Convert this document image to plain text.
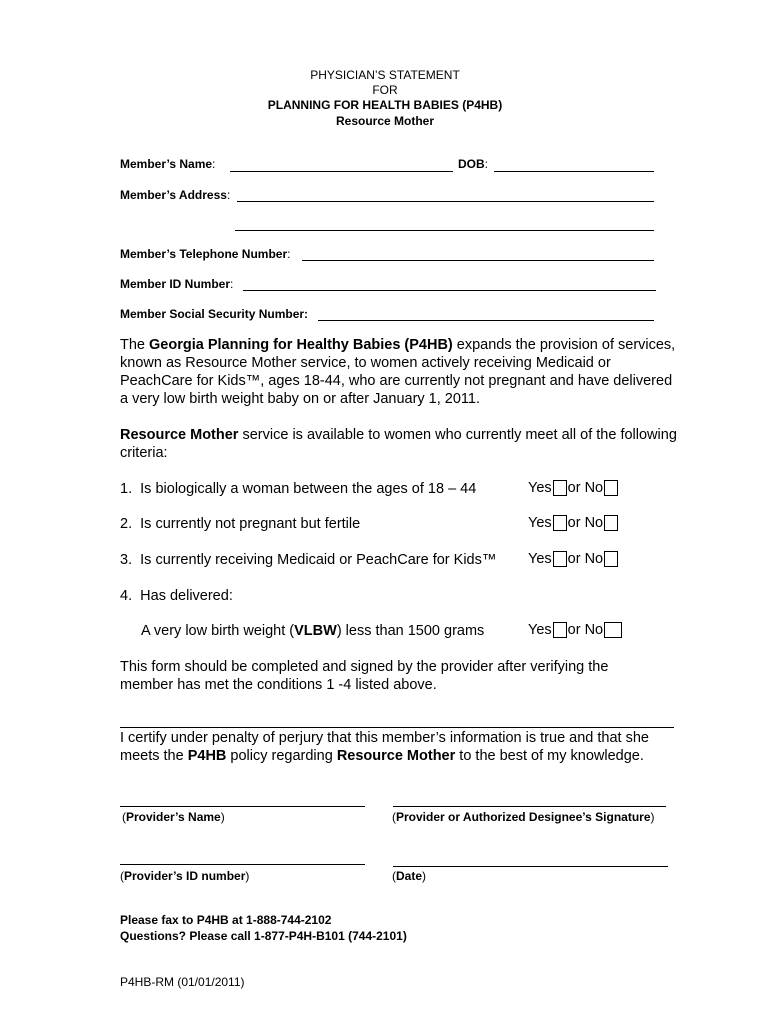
PHYSICIAN’S STATEMENT
FOR
PLANNING FOR HEALTH BABIES (P4HB)
Resource Mother
Member’s Name:	DOB:
Member’s Address:
Member’s Telephone Number:
Member ID Number:
Member Social Security Number:
The Georgia Planning for Healthy Babies (P4HB) expands the provision of services, known as Resource Mother service, to women actively receiving Medicaid or PeachCare for Kids™, ages 18-44, who are currently not pregnant and have delivered a very low birth weight baby on or after January 1, 2011.
Resource Mother service is available to women who currently meet all of the following criteria:
1. Is biologically a woman between the ages of 18 – 44	Yes or No
2. Is currently not pregnant but fertile	Yes or No
3. Is currently receiving Medicaid or PeachCare for Kids™ Yes or No
4. Has delivered:
A very low birth weight (VLBW) less than 1500 grams	Yes or No
This form should be completed and signed by the provider after verifying the member has met the conditions 1 -4 listed above.
I certify under penalty of perjury that this member’s information is true and that she meets the P4HB policy regarding Resource Mother to the best of my knowledge.
(Provider’s Name)	(Provider or Authorized Designee’s Signature)
(Provider’s ID number)	(Date)
Please fax to P4HB at 1-888-744-2102
Questions? Please call 1-877-P4H-B101 (744-2101)
P4HB-RM (01/01/2011)
